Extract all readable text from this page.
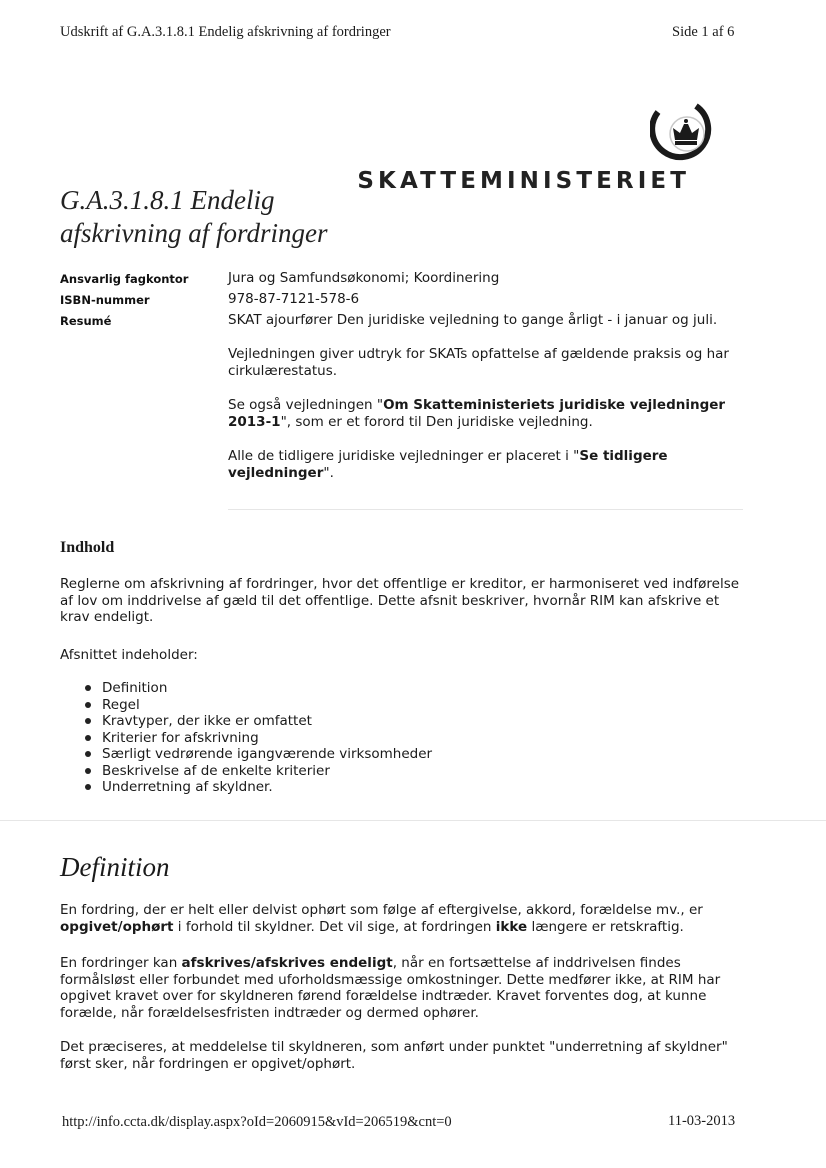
Udskrift af G.A.3.1.8.1 Endelig afskrivning af fordringer	Side 1 af 6
SKATTEMINISTERIET
G.A.3.1.8.1 Endelig afskrivning af fordringer
Ansvarlig fagkontor	Jura og Samfundsøkonomi; Koordinering
ISBN-nummer	978-87-7121-578-6
Resumé	SKAT ajourfører Den juridiske vejledning to gange årligt - i januar og juli.

Vejledningen giver udtryk for SKATs opfattelse af gældende praksis og har cirkulærestatus.

Se også vejledningen "Om Skatteministeriets juridiske vejledninger 2013-1", som er et forord til Den juridiske vejledning.

Alle de tidligere juridiske vejledninger er placeret i "Se tidligere vejledninger".

Indhold
Reglerne om afskrivning af fordringer, hvor det offentlige er kreditor, er harmoniseret ved indførelse af lov om inddrivelse af gæld til det offentlige. Dette afsnit beskriver, hvornår RIM kan afskrive et krav endeligt.
Afsnittet indeholder:
Definition
Regel
Kravtyper, der ikke er omfattet
Kriterier for afskrivning
Særligt vedrørende igangværende virksomheder
Beskrivelse af de enkelte kriterier
Underretning af skyldner.
Definition
En fordring, der er helt eller delvist ophørt som følge af eftergivelse, akkord, forældelse mv., er opgivet/ophørt i forhold til skyldner. Det vil sige, at fordringen ikke længere er retskraftig.
En fordringer kan afskrives/afskrives endeligt, når en fortsættelse af inddrivelsen findes formålsløst eller forbundet med uforholdsmæssige omkostninger. Dette medfører ikke, at RIM har opgivet kravet over for skyldneren førend forældelse indtræder. Kravet forventes dog, at kunne forælde, når forældelsesfristen indtræder og dermed ophører.
Det præciseres, at meddelelse til skyldneren, som anført under punktet "underretning af skyldner" først sker, når fordringen er opgivet/ophørt.
http://info.ccta.dk/display.aspx?oId=2060915&vId=206519&cnt=0	11-03-2013
